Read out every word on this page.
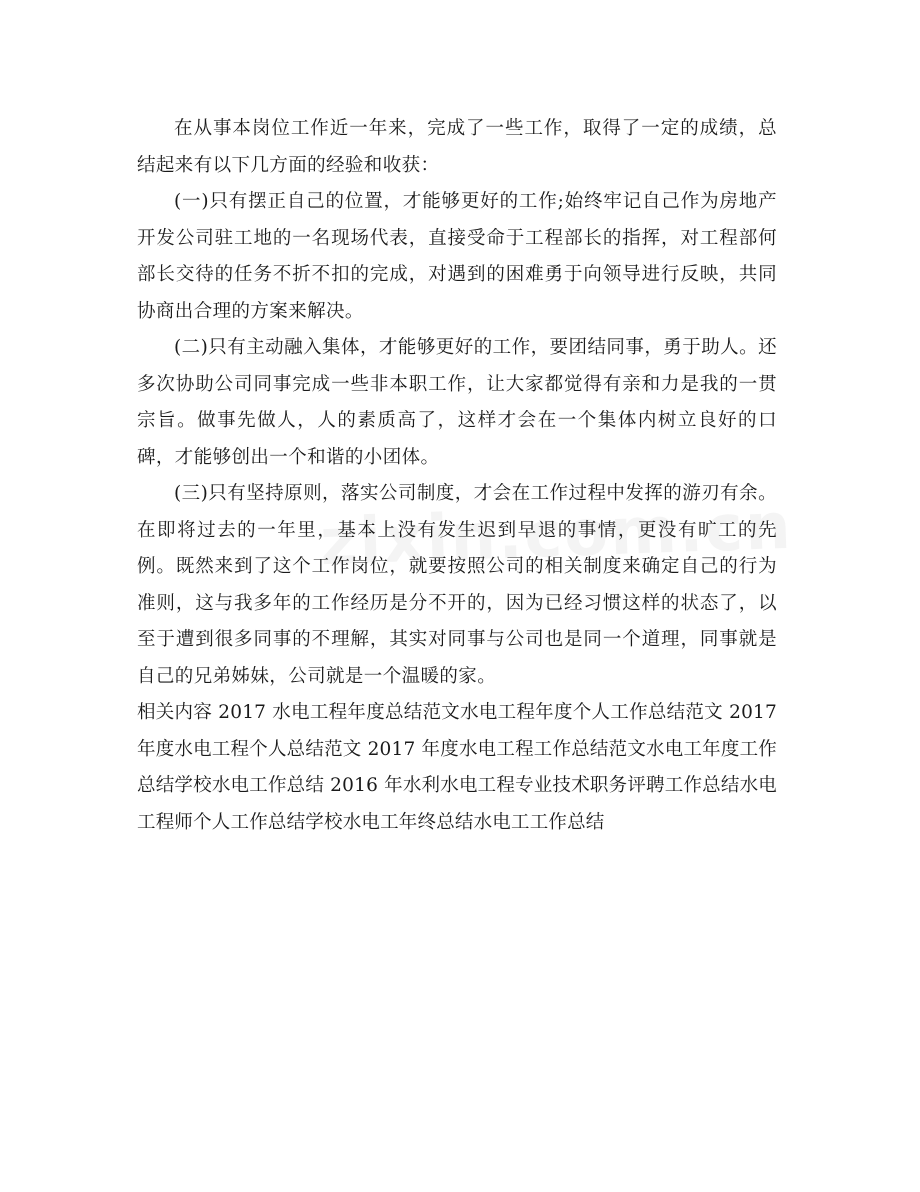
在从事本岗位工作近一年来，完成了一些工作，取得了一定的成绩，总结起来有以下几方面的经验和收获：

(一)只有摆正自己的位置，才能够更好的工作;始终牢记自己作为房地产开发公司驻工地的一名现场代表，直接受命于工程部长的指挥，对工程部何部长交待的任务不折不扣的完成，对遇到的困难勇于向领导进行反映，共同协商出合理的方案来解决。

(二)只有主动融入集体，才能够更好的工作，要团结同事，勇于助人。还多次协助公司同事完成一些非本职工作，让大家都觉得有亲和力是我的一贯宗旨。做事先做人，人的素质高了，这样才会在一个集体内树立良好的口碑，才能够创出一个和谐的小团体。

(三)只有坚持原则，落实公司制度，才会在工作过程中发挥的游刃有余。在即将过去的一年里，基本上没有发生迟到早退的事情，更没有旷工的先例。既然来到了这个工作岗位，就要按照公司的相关制度来确定自己的行为准则，这与我多年的工作经历是分不开的，因为已经习惯这样的状态了，以至于遭到很多同事的不理解，其实对同事与公司也是同一个道理，同事就是自己的兄弟姊妹，公司就是一个温暖的家。

相关内容 2017 水电工程年度总结范文水电工程年度个人工作总结范文 2017 年度水电工程个人总结范文 2017 年度水电工程工作总结范文水电工年度工作总结学校水电工作总结 2016 年水利水电工程专业技术职务评聘工作总结水电工程师个人工作总结学校水电工年终总结水电工工作总结
